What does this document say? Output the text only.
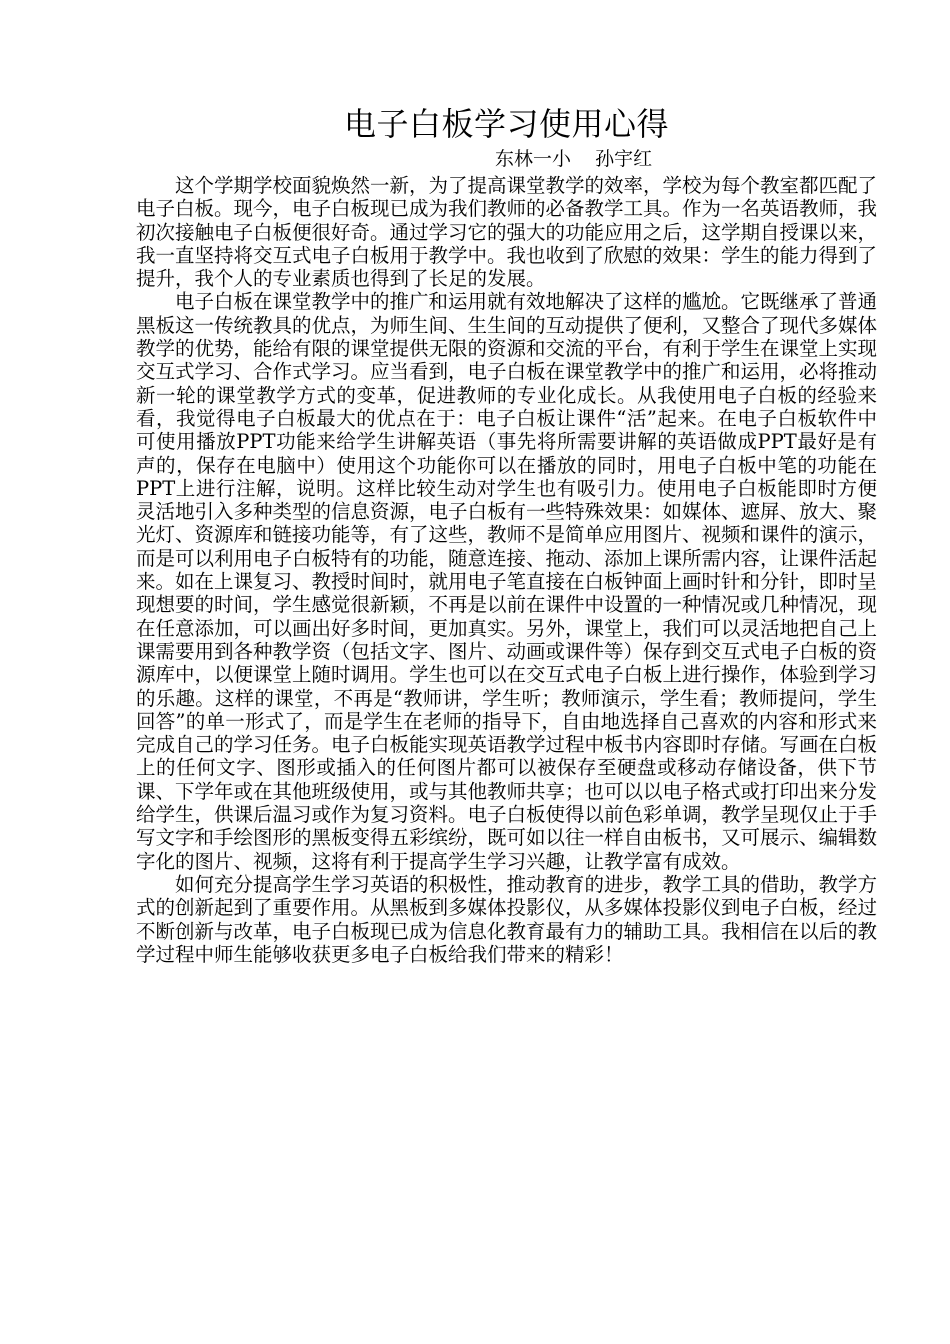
电子白板学习使用心得
东林一小    孙宇红

这个学期学校面貌焕然一新，为了提高课堂教学的效率，学校为每个教室都匹配了电子白板。现今，电子白板现已成为我们教师的必备教学工具。作为一名英语教师，我初次接触电子白板便很好奇。通过学习它的强大的功能应用之后，这学期自授课以来，我一直坚持将交互式电子白板用于教学中。我也收到了欣慰的效果：学生的能力得到了提升，我个人的专业素质也得到了长足的发展。

电子白板在课堂教学中的推广和运用就有效地解决了这样的尴尬。它既继承了普通黑板这一传统教具的优点，为师生间、生生间的互动提供了便利，又整合了现代多媒体教学的优势，能给有限的课堂提供无限的资源和交流的平台，有利于学生在课堂上实现交互式学习、合作式学习。应当看到，电子白板在课堂教学中的推广和运用，必将推动新一轮的课堂教学方式的变革，促进教师的专业化成长。从我使用电子白板的经验来看，我觉得电子白板最大的优点在于：电子白板让课件“活”起来。在电子白板软件中可使用播放PPT功能来给学生讲解英语（事先将所需要讲解的英语做成PPT最好是有声的，保存在电脑中）使用这个功能你可以在播放的同时，用电子白板中笔的功能在PPT上进行注解，说明。这样比较生动对学生也有吸引力。使用电子白板能即时方便灵活地引入多种类型的信息资源，电子白板有一些特殊效果：如媒体、遮屏、放大、聚光灯、资源库和链接功能等，有了这些，教师不是简单应用图片、视频和课件的演示，而是可以利用电子白板特有的功能，随意连接、拖动、添加上课所需内容，让课件活起来。如在上课复习、教授时间时，就用电子笔直接在白板钟面上画时针和分针，即时呈现想要的时间，学生感觉很新颖，不再是以前在课件中设置的一种情况或几种情况，现在任意添加，可以画出好多时间，更加真实。另外，课堂上，我们可以灵活地把自己上课需要用到各种教学资（包括文字、图片、动画或课件等）保存到交互式电子白板的资源库中，以便课堂上随时调用。学生也可以在交互式电子白板上进行操作，体验到学习的乐趣。这样的课堂，不再是“教师讲，学生听；教师演示，学生看；教师提问，学生回答”的单一形式了，而是学生在老师的指导下，自由地选择自己喜欢的内容和形式来完成自己的学习任务。电子白板能实现英语教学过程中板书内容即时存储。写画在白板上的任何文字、图形或插入的任何图片都可以被保存至硬盘或移动存储设备，供下节课、下学年或在其他班级使用，或与其他教师共享；也可以以电子格式或打印出来分发给学生，供课后温习或作为复习资料。电子白板使得以前色彩单调，教学呈现仅止于手写文字和手绘图形的黑板变得五彩缤纷，既可如以往一样自由板书，又可展示、编辑数字化的图片、视频，这将有利于提高学生学习兴趣，让教学富有成效。

如何充分提高学生学习英语的积极性，推动教育的进步，教学工具的借助，教学方式的创新起到了重要作用。从黑板到多媒体投影仪，从多媒体投影仪到电子白板，经过不断创新与改革，电子白板现已成为信息化教育最有力的辅助工具。我相信在以后的教学过程中师生能够收获更多电子白板给我们带来的精彩！
